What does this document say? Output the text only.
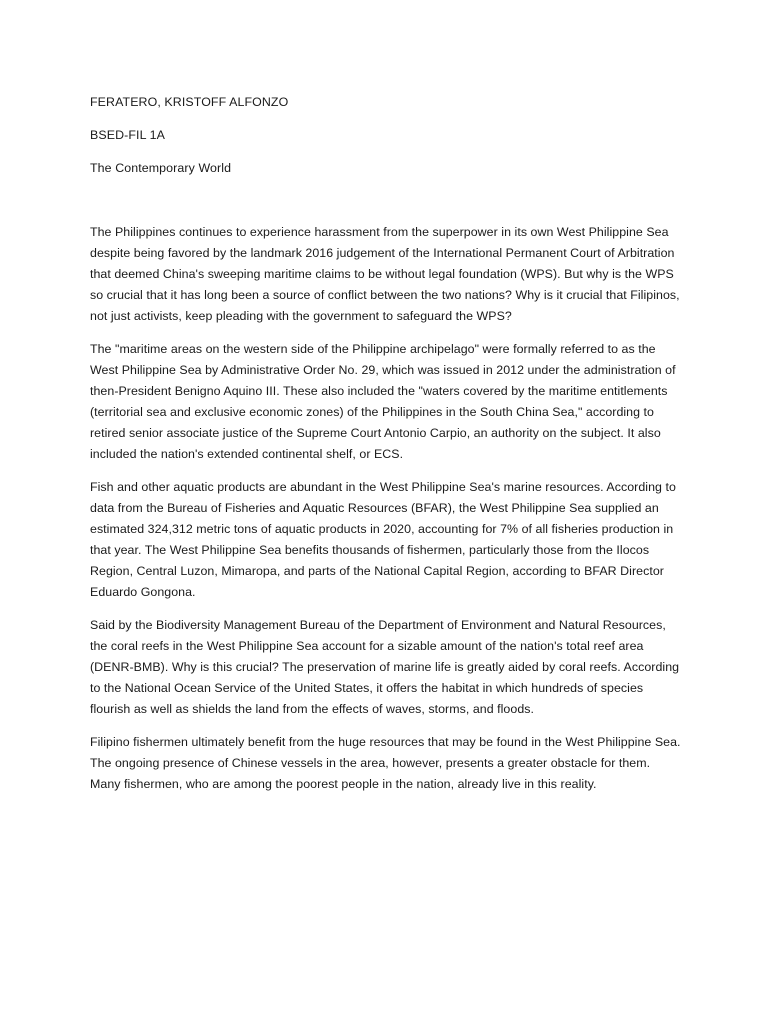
FERATERO, KRISTOFF ALFONZO

BSED-FIL 1A

The Contemporary World

The Philippines continues to experience harassment from the superpower in its own West Philippine Sea despite being favored by the landmark 2016 judgement of the International Permanent Court of Arbitration that deemed China's sweeping maritime claims to be without legal foundation (WPS). But why is the WPS so crucial that it has long been a source of conflict between the two nations? Why is it crucial that Filipinos, not just activists, keep pleading with the government to safeguard the WPS?

The "maritime areas on the western side of the Philippine archipelago" were formally referred to as the West Philippine Sea by Administrative Order No. 29, which was issued in 2012 under the administration of then-President Benigno Aquino III. These also included the "waters covered by the maritime entitlements (territorial sea and exclusive economic zones) of the Philippines in the South China Sea," according to retired senior associate justice of the Supreme Court Antonio Carpio, an authority on the subject. It also included the nation's extended continental shelf, or ECS.

Fish and other aquatic products are abundant in the West Philippine Sea's marine resources. According to data from the Bureau of Fisheries and Aquatic Resources (BFAR), the West Philippine Sea supplied an estimated 324,312 metric tons of aquatic products in 2020, accounting for 7% of all fisheries production in that year. The West Philippine Sea benefits thousands of fishermen, particularly those from the Ilocos Region, Central Luzon, Mimaropa, and parts of the National Capital Region, according to BFAR Director Eduardo Gongona.

Said by the Biodiversity Management Bureau of the Department of Environment and Natural Resources, the coral reefs in the West Philippine Sea account for a sizable amount of the nation's total reef area (DENR-BMB). Why is this crucial? The preservation of marine life is greatly aided by coral reefs. According to the National Ocean Service of the United States, it offers the habitat in which hundreds of species flourish as well as shields the land from the effects of waves, storms, and floods.

Filipino fishermen ultimately benefit from the huge resources that may be found in the West Philippine Sea. The ongoing presence of Chinese vessels in the area, however, presents a greater obstacle for them. Many fishermen, who are among the poorest people in the nation, already live in this reality.
